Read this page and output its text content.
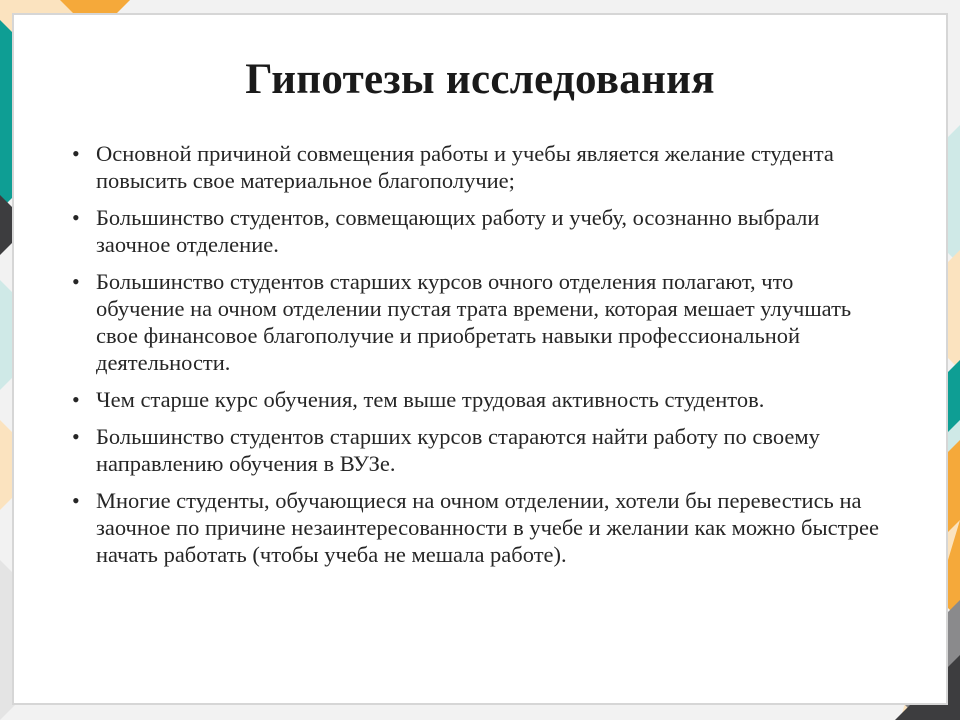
Гипотезы исследования
• Основной причиной совмещения работы и учебы является желание студента повысить свое материальное благополучие;
• Большинство студентов, совмещающих работу и учебу, осознанно выбрали заочное отделение.
• Большинство студентов старших курсов очного отделения полагают, что обучение на очном отделении пустая трата времени, которая мешает улучшать свое финансовое благополучие и приобретать навыки профессиональной деятельности.
• Чем старше курс обучения, тем выше трудовая активность студентов.
• Большинство студентов старших курсов стараются найти работу по своему направлению обучения в ВУЗе.
• Многие студенты, обучающиеся на очном отделении, хотели бы перевестись на заочное по причине незаинтересованности в учебе и желании как можно быстрее начать работать (чтобы учеба не мешала работе).
